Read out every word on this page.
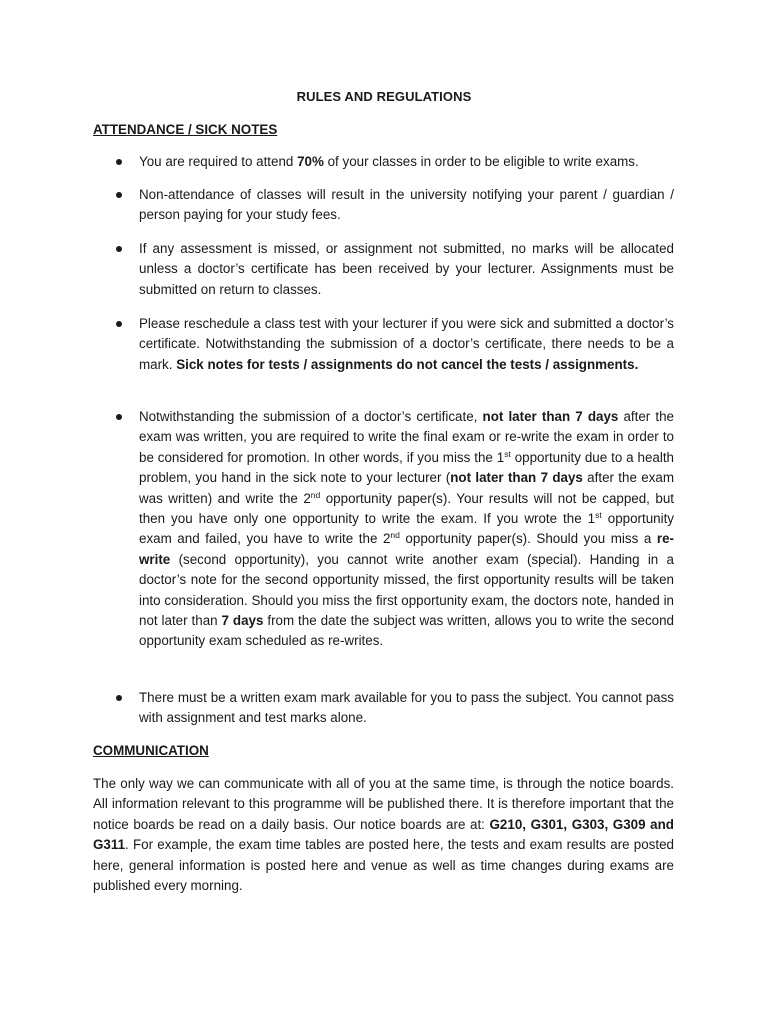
RULES AND REGULATIONS
ATTENDANCE / SICK NOTES
You are required to attend 70% of your classes in order to be eligible to write exams.
Non-attendance of classes will result in the university notifying your parent / guardian / person paying for your study fees.
If any assessment is missed, or assignment not submitted, no marks will be allocated unless a doctor’s certificate has been received by your lecturer. Assignments must be submitted on return to classes.
Please reschedule a class test with your lecturer if you were sick and submitted a doctor’s certificate. Notwithstanding the submission of a doctor’s certificate, there needs to be a mark. Sick notes for tests / assignments do not cancel the tests / assignments.
Notwithstanding the submission of a doctor’s certificate, not later than 7 days after the exam was written, you are required to write the final exam or re-write the exam in order to be considered for promotion. In other words, if you miss the 1st opportunity due to a health problem, you hand in the sick note to your lecturer (not later than 7 days after the exam was written) and write the 2nd opportunity paper(s). Your results will not be capped, but then you have only one opportunity to write the exam. If you wrote the 1st opportunity exam and failed, you have to write the 2nd opportunity paper(s). Should you miss a re-write (second opportunity), you cannot write another exam (special). Handing in a doctor’s note for the second opportunity missed, the first opportunity results will be taken into consideration. Should you miss the first opportunity exam, the doctors note, handed in not later than 7 days from the date the subject was written, allows you to write the second opportunity exam scheduled as re-writes.
There must be a written exam mark available for you to pass the subject. You cannot pass with assignment and test marks alone.
COMMUNICATION
The only way we can communicate with all of you at the same time, is through the notice boards. All information relevant to this programme will be published there. It is therefore important that the notice boards be read on a daily basis. Our notice boards are at: G210, G301, G303, G309 and G311. For example, the exam time tables are posted here, the tests and exam results are posted here, general information is posted here and venue as well as time changes during exams are published every morning.
